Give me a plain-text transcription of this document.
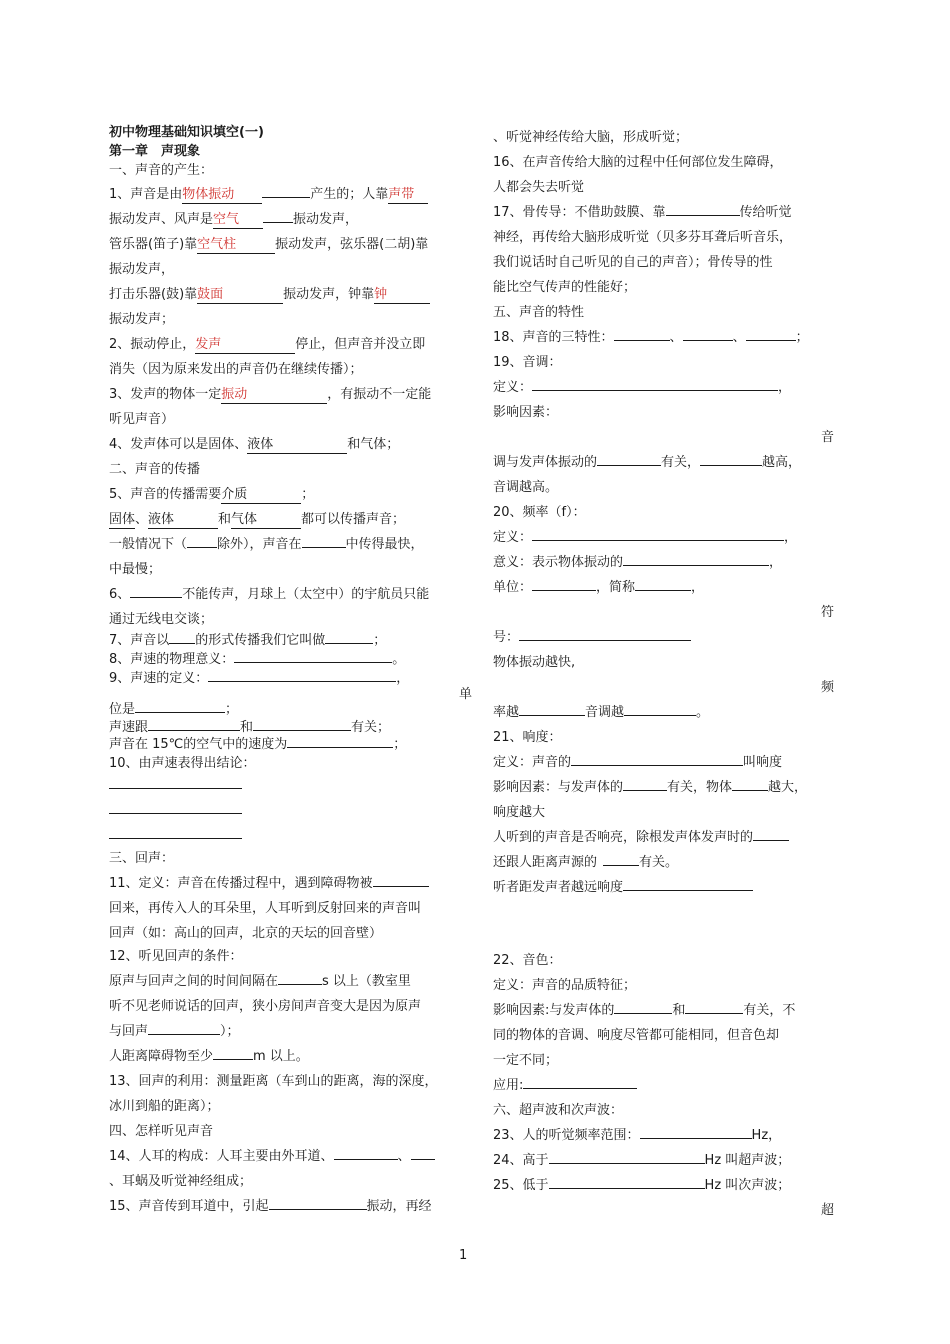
初中物理基础知识填空(一)
第一章　声现象
一、声音的产生：
1、声音是由物体振动	产生的；人靠声带
振动发声、风声是空气	振动发声，
管乐器(笛子)靠空气柱	振动发声，弦乐器(二胡)靠
振动发声，
打击乐器(鼓)靠鼓面	振动发声，钟靠钟
振动发声；
2、振动停止，发声	停止，但声音并没立即
消失（因为原来发出的声音仍在继续传播）；
3、发声的物体一定振动	，有振动不一定能
听见声音）
4、发声体可以是固体、液体	和气体；
二、声音的传播
5、声音的传播需要介质	；
固体、液体	和气体	都可以传播声音；
一般情况下（ 除外），声音在	中传得最快，
中最慢；
6、	不能传声，月球上（太空中）的宇航员只能
通过无线电交谈；
7、声音以 的形式传播我们它叫做	；
8、声速的物理意义：	。
9、声速的定义：	，
位是	；
声速跟	和	有关；
声音在 15℃的空气中的速度为	；
10、由声速表得出结论：
三、回声：
11、定义：声音在传播过程中，遇到障碍物被
回来，再传入人的耳朵里，人耳听到反射回来的声音叫
回声（如：高山的回声，北京的天坛的回音壁）
12、听见回声的条件：
原声与回声之间的时间间隔在	s 以上（教室里
听不见老师说话的回声，狭小房间声音变大是因为原声
与回声	）；
人距离障碍物至少	m 以上。
13、回声的利用：测量距离（车到山的距离，海的深度，
冰川到船的距离）；
四、怎样听见声音
14、人耳的构成：人耳主要由外耳道、	、
、耳蜗及听觉神经组成；
15、声音传到耳道中，引起	振动，再经
单
、听觉神经传给大脑，形成听觉；
16、在声音传给大脑的过程中任何部位发生障碍，
人都会失去听觉
17、骨传导：不借助鼓膜、靠	传给听觉
神经，再传给大脑形成听觉（贝多芬耳聋后听音乐，
我们说话时自己听见的自己的声音）；骨传导的性
能比空气传声的性能好；
五、声音的特性
18、声音的三特性：	、	、	；
19、音调：
定义：	，
影响因素：
调与发声体振动的	有关，	越高，
音调越高。
20、频率（f）：
定义：	，
意义：表示物体振动的	，
单位：	，简称	，
号：
物体振动越快,
率越	音调越	。
21、响度：
定义：声音的	叫响度
影响因素：与发声体的	有关，物体	越大，
响度越大
人听到的声音是否响亮，除根发声体发声时的
还跟人距离声源的	有关。
听者距发声者越远响度
22、音色：
定义：声音的品质特征；
影响因素:与发声体的	和	有关，不
同的物体的音调、响度尽管都可能相同，但音色却
一定不同；
应用:
六、超声波和次声波：
23、人的听觉频率范围：	Hz，
24、高于	Hz 叫超声波；
25、低于	Hz 叫次声波；
音
符
频
超
1
